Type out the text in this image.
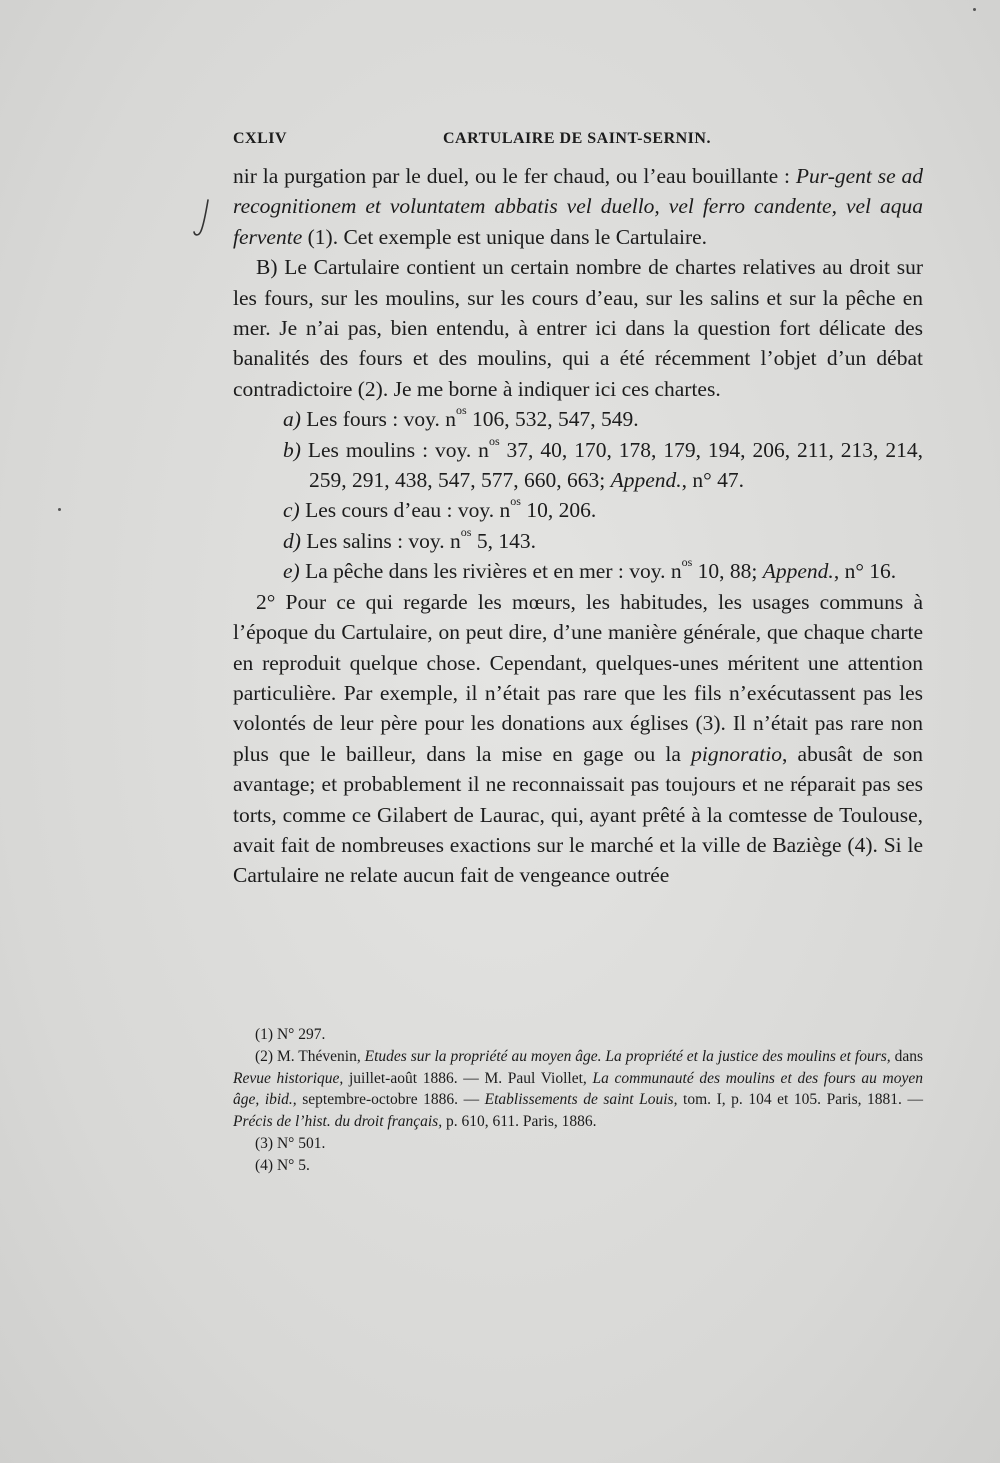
CXLIV	CARTULAIRE DE SAINT-SERNIN.

nir la purgation par le duel, ou le fer chaud, ou l’eau bouillante : Pur-gent se ad recognitionem et voluntatem abbatis vel duello, vel ferro candente, vel aqua fervente (1). Cet exemple est unique dans le Cartulaire.

B) Le Cartulaire contient un certain nombre de chartes relatives au droit sur les fours, sur les moulins, sur les cours d’eau, sur les salins et sur la pêche en mer. Je n’ai pas, bien entendu, à entrer ici dans la question fort délicate des banalités des fours et des moulins, qui a été récemment l’objet d’un débat contradictoire (2). Je me borne à indiquer ici ces chartes.

a) Les fours : voy. $n^{os}$ 106, 532, 547, 549.

b) Les moulins : voy. $n^{os}$ 37, 40, 170, 178, 179, 194, 206, 211, 213, 214, 259, 291, 438, 547, 577, 660, 663; Append., n° 47.

c) Les cours d’eau : voy. $n^{os}$ 10, 206.

d) Les salins : voy. $n^{os}$ 5, 143.

e) La pêche dans les rivières et en mer : voy. $n^{os}$ 10, 88; Append., n° 16.

2° Pour ce qui regarde les mœurs, les habitudes, les usages communs à l’époque du Cartulaire, on peut dire, d’une manière générale, que chaque charte en reproduit quelque chose. Cependant, quelques-unes méritent une attention particulière. Par exemple, il n’était pas rare que les fils n’exécutassent pas les volontés de leur père pour les donations aux églises (3). Il n’était pas rare non plus que le bailleur, dans la mise en gage ou la pignoratio, abusât de son avantage; et probablement il ne reconnaissait pas toujours et ne réparait pas ses torts, comme ce Gilabert de Laurac, qui, ayant prêté à la comtesse de Toulouse, avait fait de nombreuses exactions sur le marché et la ville de Baziège (4). Si le Cartulaire ne relate aucun fait de vengeance outrée

(1) N° 297.

(2) M. Thévenin, Etudes sur la propriété au moyen âge. La propriété et la justice des moulins et fours, dans Revue historique, juillet-août 1886. — M. Paul Viollet, La communauté des moulins et des fours au moyen âge, ibid., septembre-octobre 1886. — Etablissements de saint Louis, tom. I, p. 104 et 105. Paris, 1881. — Précis de l’hist. du droit français, p. 610, 611. Paris, 1886.

(3) N° 501.

(4) N° 5.
